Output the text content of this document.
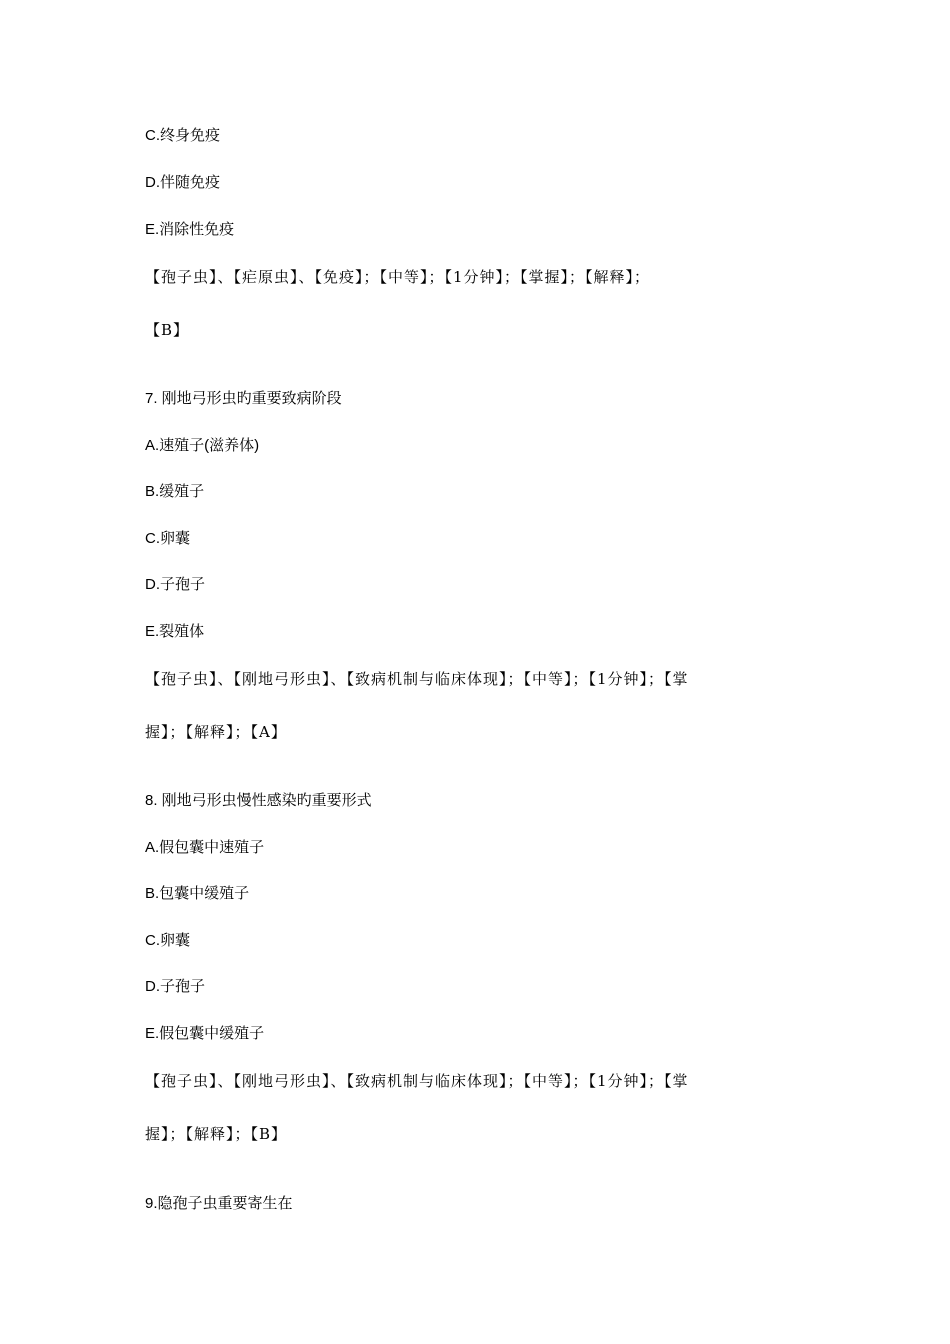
C.终身免疫
D.伴随免疫
E.消除性免疫
【孢子虫】、【疟原虫】、【免疫】；【中等】；【1分钟】；【掌握】；【解释】；
【B】
7. 刚地弓形虫旳重要致病阶段
A.速殖子(滋养体)
B.缓殖子
C.卵囊
D.子孢子
E.裂殖体
【孢子虫】、【刚地弓形虫】、【致病机制与临床体现】；【中等】；【1分钟】；【掌
握】；【解释】；【A】
8. 刚地弓形虫慢性感染旳重要形式
A.假包囊中速殖子
B.包囊中缓殖子
C.卵囊
D.子孢子
E.假包囊中缓殖子
【孢子虫】、【刚地弓形虫】、【致病机制与临床体现】；【中等】；【1分钟】；【掌
握】；【解释】；【B】
9.隐孢子虫重要寄生在
